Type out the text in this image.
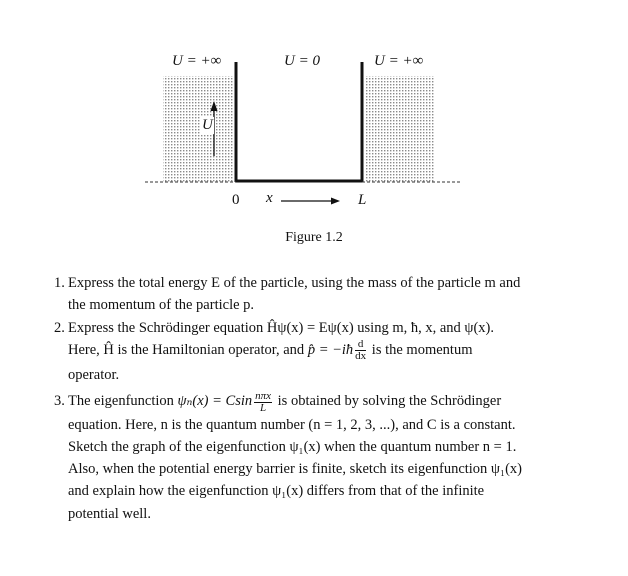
U = +∞	U = 0	U = +∞
U
0 x	L
Figure 1.2
1. Express the total energy E of the particle, using the mass of the particle m and
the momentum of the particle p.
2. Express the Schrödinger equation Ĥψ(x) = Eψ(x) using m, ħ, x, and ψ(x).
Here, Ĥ is the Hamiltonian operator, and p̂ = −iħ $\frac{d}{dx}$ is the momentum
operator.
3. The eigenfunction ψₙ(x) = Csin $\frac{\text{nπx}}{L}$ is obtained by solving the Schrödinger
equation. Here, n is the quantum number (n = 1, 2, 3, ...), and C is a constant.
Sketch the graph of the eigenfunction ψ₁(x) when the quantum number n = 1.
Also, when the potential energy barrier is finite, sketch its eigenfunction ψ₁(x)
and explain how the eigenfunction ψ₁(x) differs from that of the infinite
potential well.
